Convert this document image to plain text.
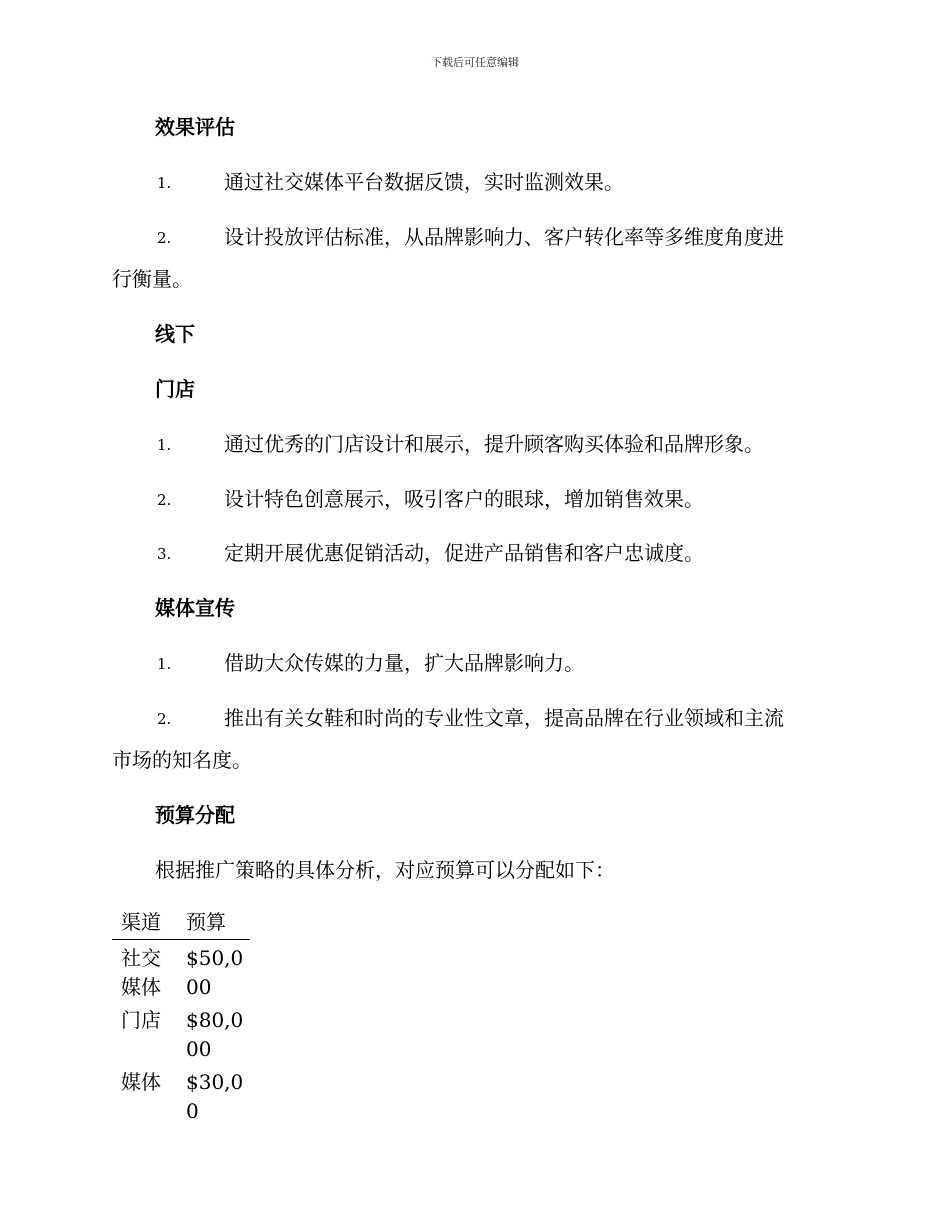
下载后可任意编辑
效果评估
1.	通过社交媒体平台数据反馈，实时监测效果。
2.	设计投放评估标准，从品牌影响力、客户转化率等多维度角度进
行衡量。
线下
门店
1.	通过优秀的门店设计和展示，提升顾客购买体验和品牌形象。
2.	设计特色创意展示，吸引客户的眼球，增加销售效果。
3.	定期开展优惠促销活动，促进产品销售和客户忠诚度。
媒体宣传
1.	借助大众传媒的力量，扩大品牌影响力。
2.	推出有关女鞋和时尚的专业性文章，提高品牌在行业领域和主流
市场的知名度。
预算分配
根据推广策略的具体分析，对应预算可以分配如下：
渠道	预算
社交媒体	$50,000
门店	$80,000
媒体	$30,00
